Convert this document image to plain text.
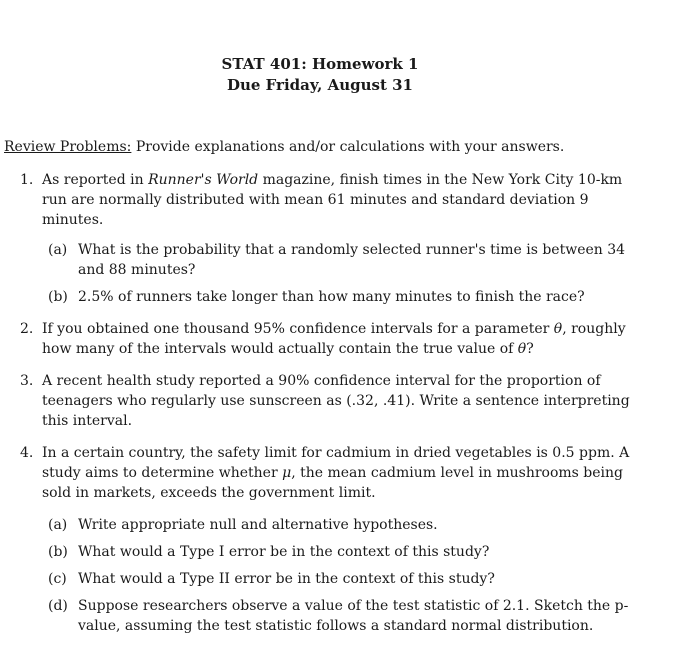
STAT 401: Homework 1
Due Friday, August 31
Review Problems: Provide explanations and/or calculations with your answers.
1. As reported in Runner's World magazine, finish times in the New York City 10-km run are normally distributed with mean 61 minutes and standard deviation 9 minutes.
(a) What is the probability that a randomly selected runner's time is between 34 and 88 minutes?
(b) 2.5% of runners take longer than how many minutes to finish the race?
2. If you obtained one thousand 95% confidence intervals for a parameter θ, roughly how many of the intervals would actually contain the true value of θ?
3. A recent health study reported a 90% confidence interval for the proportion of teenagers who regularly use sunscreen as (.32, .41). Write a sentence interpreting this interval.
4. In a certain country, the safety limit for cadmium in dried vegetables is 0.5 ppm. A study aims to determine whether μ, the mean cadmium level in mushrooms being sold in markets, exceeds the government limit.
(a) Write appropriate null and alternative hypotheses.
(b) What would a Type I error be in the context of this study?
(c) What would a Type II error be in the context of this study?
(d) Suppose researchers observe a value of the test statistic of 2.1. Sketch the p-value, assuming the test statistic follows a standard normal distribution.
